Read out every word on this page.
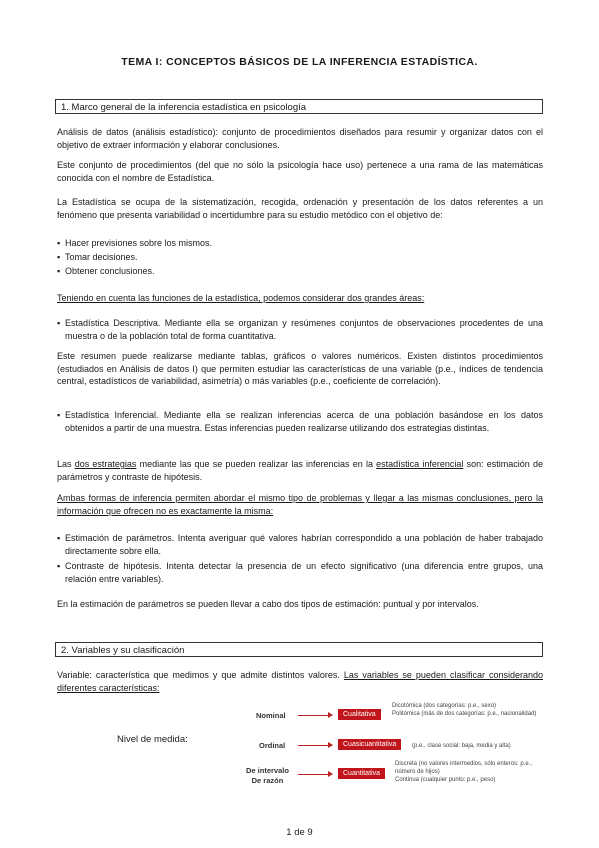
TEMA I: CONCEPTOS BÁSICOS DE LA INFERENCIA ESTADÍSTICA.
1. Marco general de la inferencia estadística en psicología
Análisis de datos (análisis estadístico): conjunto de procedimientos diseñados para resumir y organizar datos con el objetivo de extraer información y elaborar conclusiones.
Este conjunto de procedimientos (del que no sólo la psicología hace uso) pertenece a una rama de las matemáticas conocida con el nombre de Estadística.
La Estadística se ocupa de la sistematización, recogida, ordenación y presentación de los datos referentes a un fenómeno que presenta variabilidad o incertidumbre para su estudio metódico con el objetivo de:
▪ Hacer previsiones sobre los mismos.
▪ Tomar decisiones.
▪ Obtener conclusiones.
Teniendo en cuenta las funciones de la estadística, podemos considerar dos grandes áreas:
▪ Estadística Descriptiva. Mediante ella se organizan y resúmenes conjuntos de observaciones procedentes de una muestra o de la población total de forma cuantitativa.
Este resumen puede realizarse mediante tablas, gráficos o valores numéricos. Existen distintos procedimientos (estudiados en Análisis de datos I) que permiten estudiar las características de una variable (p.e., índices de tendencia central, estadísticos de variabilidad, asimetría) o más variables (p.e., coeficiente de correlación).
▪ Estadística Inferencial. Mediante ella se realizan inferencias acerca de una población basándose en los datos obtenidos a partir de una muestra. Estas inferencias pueden realizarse utilizando dos estrategias distintas.
Las dos estrategias mediante las que se pueden realizar las inferencias en la estadística inferencial son: estimación de parámetros y contraste de hipótesis.
Ambas formas de inferencia permiten abordar el mismo tipo de problemas y llegar a las mismas conclusiones, pero la información que ofrecen no es exactamente la misma:
▪ Estimación de parámetros. Intenta averiguar qué valores habrían correspondido a una población de haber trabajado directamente sobre ella.
▪ Contraste de hipótesis. Intenta detectar la presencia de un efecto significativo (una diferencia entre grupos, una relación entre variables).
En la estimación de parámetros se pueden llevar a cabo dos tipos de estimación: puntual y por intervalos.
2. Variables y su clasificación
Variable: característica que medimos y que admite distintos valores. Las variables se pueden clasificar considerando diferentes características:
Nivel de medida:
Nominal	Cualitativa
Dicotómica (dos categorías: p.e., sexo)
Politómica (más de dos categorías: p.e., nacionalidad)
Ordinal	Cuasicuantitativa	(p.e., clase social: baja, media y alta)
De intervalo
De razón
Cuantitativa
Discreta (no valores intermedios, sólo enteros: p.e., número de hijos)
Continua (cualquier punto: p.e., peso)
1 de 9
